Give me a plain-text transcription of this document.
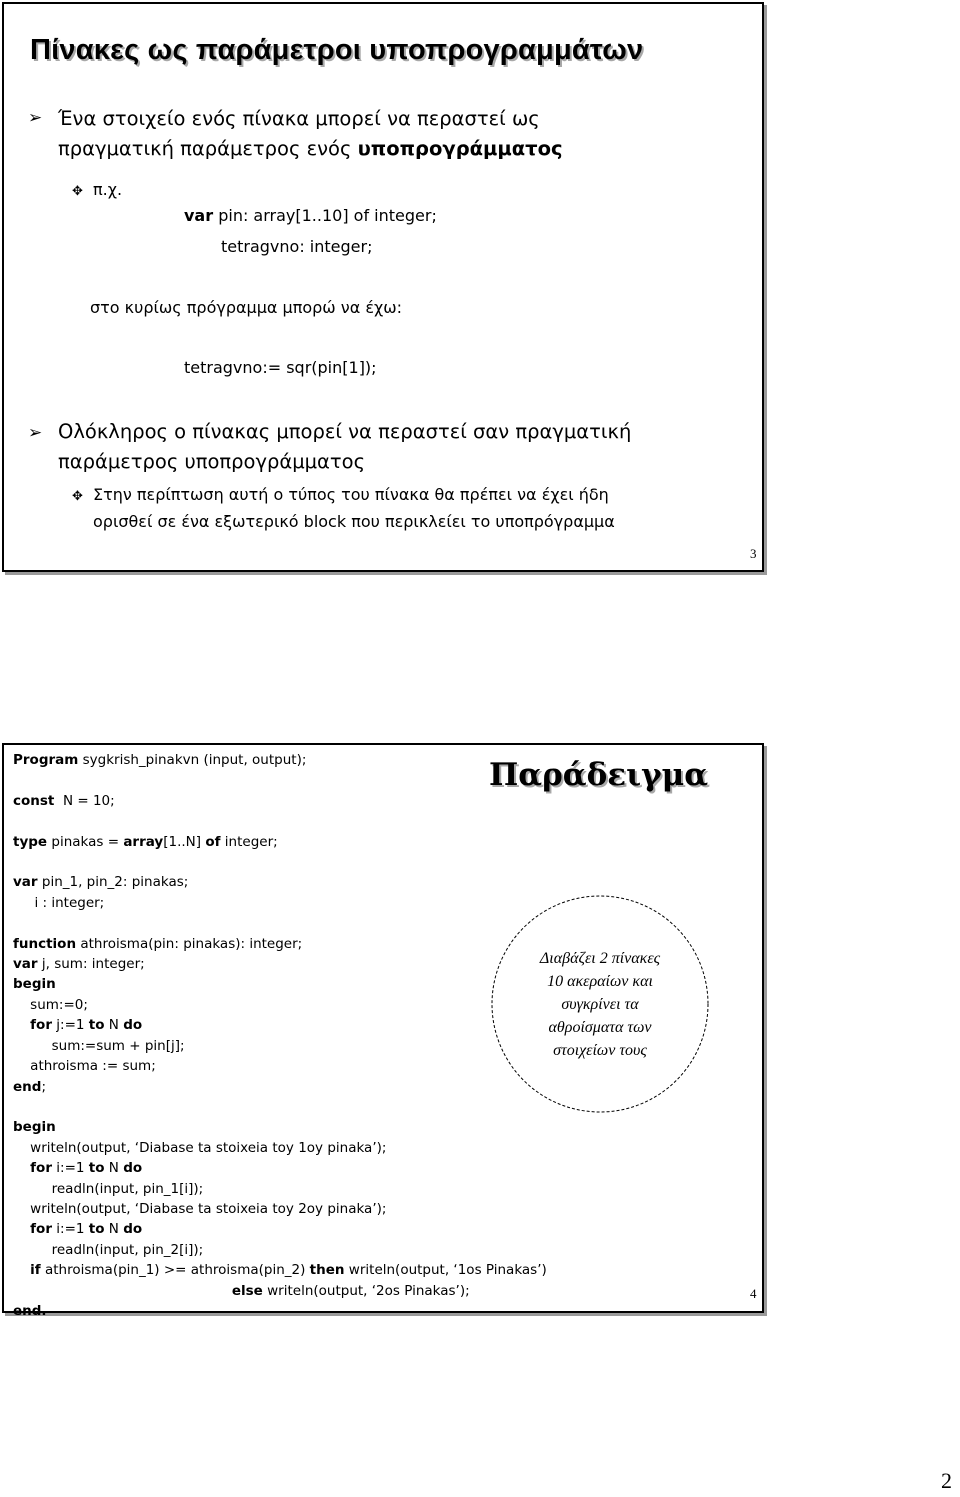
Πίνακες ως παράμετροι υποπρογραμμάτων
➢ Ένα στοιχείο ενός πίνακα μπορεί να περαστεί ως

πραγματική παράμετρος ενός υποπρογράμματος

✥ π.χ.

var pin: array[1..10] of integer;

tetragvno: integer;

στο κυρίως πρόγραμμα μπορώ να έχω:

tetragvno:= sqr(pin[1]);

➢ Ολόκληρος ο πίνακας μπορεί να περαστεί σαν πραγματική

παράμετρος υποπρογράμματος

✥ Στην περίπτωση αυτή ο τύπος του πίνακα θα πρέπει να έχει ήδη

ορισθεί σε ένα εξωτερικό block που περικλείει το υποπρόγραμμα

3
Program sygkrish_pinakvn (input, output);

const  N = 10;

type pinakas = array[1..N] of integer;

var pin_1, pin_2: pinakas;
i : integer;

function athroisma(pin: pinakas): integer;
var j, sum: integer;
begin
sum:=0;
for j:=1 to N do
sum:=sum + pin[j];
athroisma := sum;
end;

begin
writeln(output, ‘Diabase ta stoixeia toy 1oy pinaka’);
for i:=1 to N do
readln(input, pin_1[i]);
writeln(output, ‘Diabase ta stoixeia toy 2oy pinaka’);
for i:=1 to N do
readln(input, pin_2[i]);
if athroisma(pin_1) >= athroisma(pin_2) then writeln(output, ‘1os Pinakas’)
else writeln(output, ‘2os Pinakas’);
end.
Παράδειγμα
Διαβάζει 2 πίνακες
10 ακεραίων και
συγκρίνει τα
αθροίσματα των
στοιχείων τους
4
2
